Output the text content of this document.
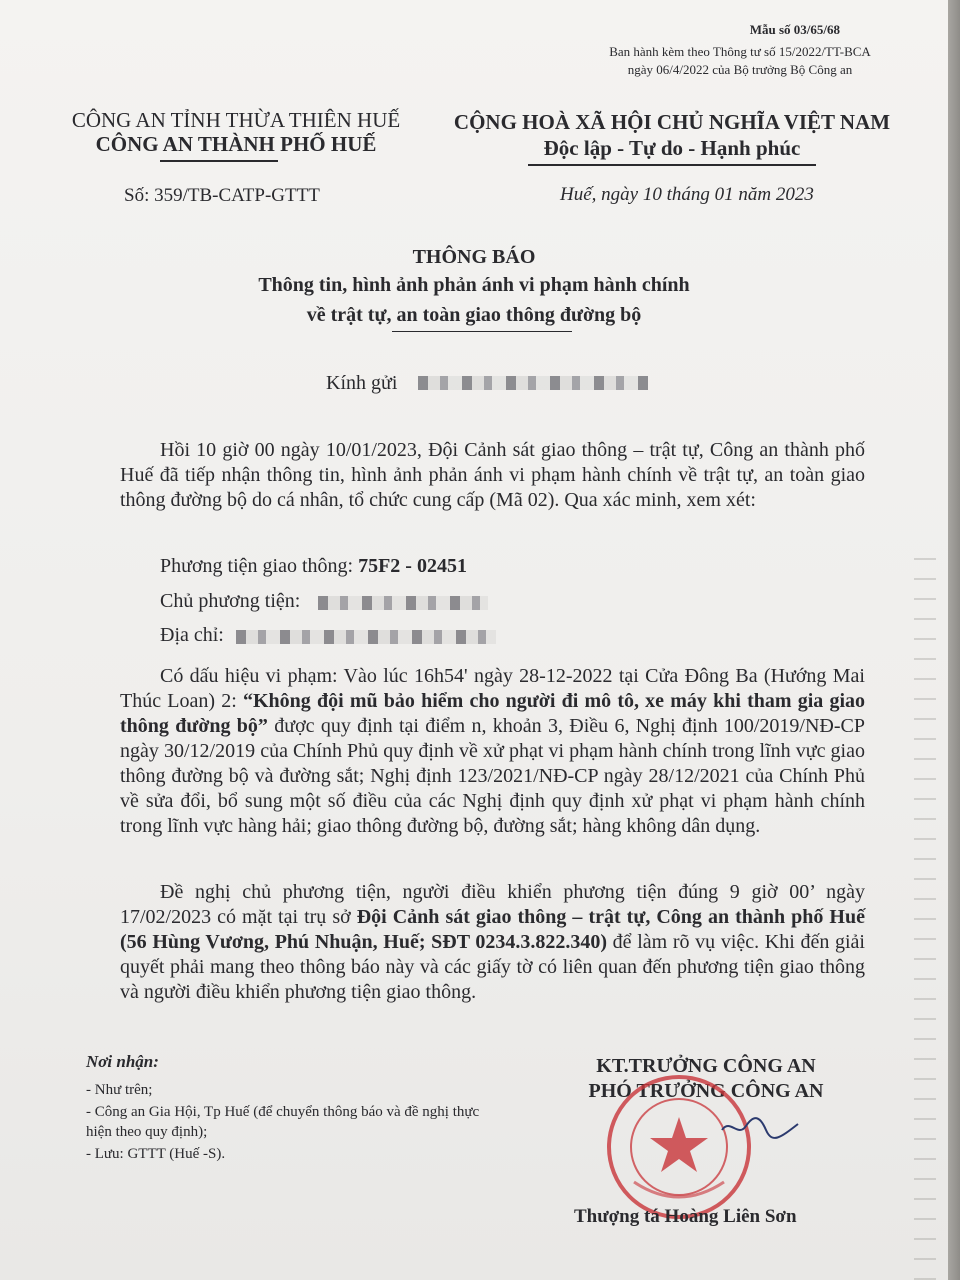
Mẫu số 03/65/68
Ban hành kèm theo Thông tư số 15/2022/TT-BCA
ngày 06/4/2022 của Bộ trưởng Bộ Công an
CÔNG AN TỈNH THỪA THIÊN HUẾ
CÔNG AN THÀNH PHỐ HUẾ
CỘNG HOÀ XÃ HỘI CHỦ NGHĨA VIỆT NAM
Độc lập - Tự do - Hạnh phúc
Số: 359/TB-CATP-GTTT	Huế, ngày 10 tháng 01 năm 2023
THÔNG BÁO
Thông tin, hình ảnh phản ánh vi phạm hành chính
về trật tự, an toàn giao thông đường bộ
Kính gửi
Hồi 10 giờ 00 ngày 10/01/2023, Đội Cảnh sát giao thông – trật tự, Công an thành phố Huế đã tiếp nhận thông tin, hình ảnh phản ánh vi phạm hành chính về trật tự, an toàn giao thông đường bộ do cá nhân, tổ chức cung cấp (Mã 02). Qua xác minh, xem xét:
Phương tiện giao thông: 75F2 - 02451
Chủ phương tiện:
Địa chỉ:
Có dấu hiệu vi phạm: Vào lúc 16h54' ngày 28-12-2022 tại Cửa Đông Ba (Hướng Mai Thúc Loan) 2: “Không đội mũ bảo hiểm cho người đi mô tô, xe máy khi tham gia giao thông đường bộ” được quy định tại điểm n, khoản 3, Điều 6, Nghị định 100/2019/NĐ-CP ngày 30/12/2019 của Chính Phủ quy định về xử phạt vi phạm hành chính trong lĩnh vực giao thông đường bộ và đường sắt; Nghị định 123/2021/NĐ-CP ngày 28/12/2021 của Chính Phủ về sửa đổi, bổ sung một số điều của các Nghị định quy định xử phạt vi phạm hành chính trong lĩnh vực hàng hải; giao thông đường bộ, đường sắt; hàng không dân dụng.
Đề nghị chủ phương tiện, người điều khiển phương tiện đúng 9 giờ 00’ ngày 17/02/2023 có mặt tại trụ sở Đội Cảnh sát giao thông – trật tự, Công an thành phố Huế (56 Hùng Vương, Phú Nhuận, Huế; SĐT 0234.3.822.340) để làm rõ vụ việc. Khi đến giải quyết phải mang theo thông báo này và các giấy tờ có liên quan đến phương tiện giao thông và người điều khiển phương tiện giao thông.
Nơi nhận:
- Như trên;
- Công an Gia Hội, Tp Huế (để chuyển thông báo và đề nghị thực hiện theo quy định);
- Lưu: GTTT (Huế -S).
KT.TRƯỞNG CÔNG AN
PHÓ TRƯỞNG CÔNG AN
Thượng tá Hoàng Liên Sơn
